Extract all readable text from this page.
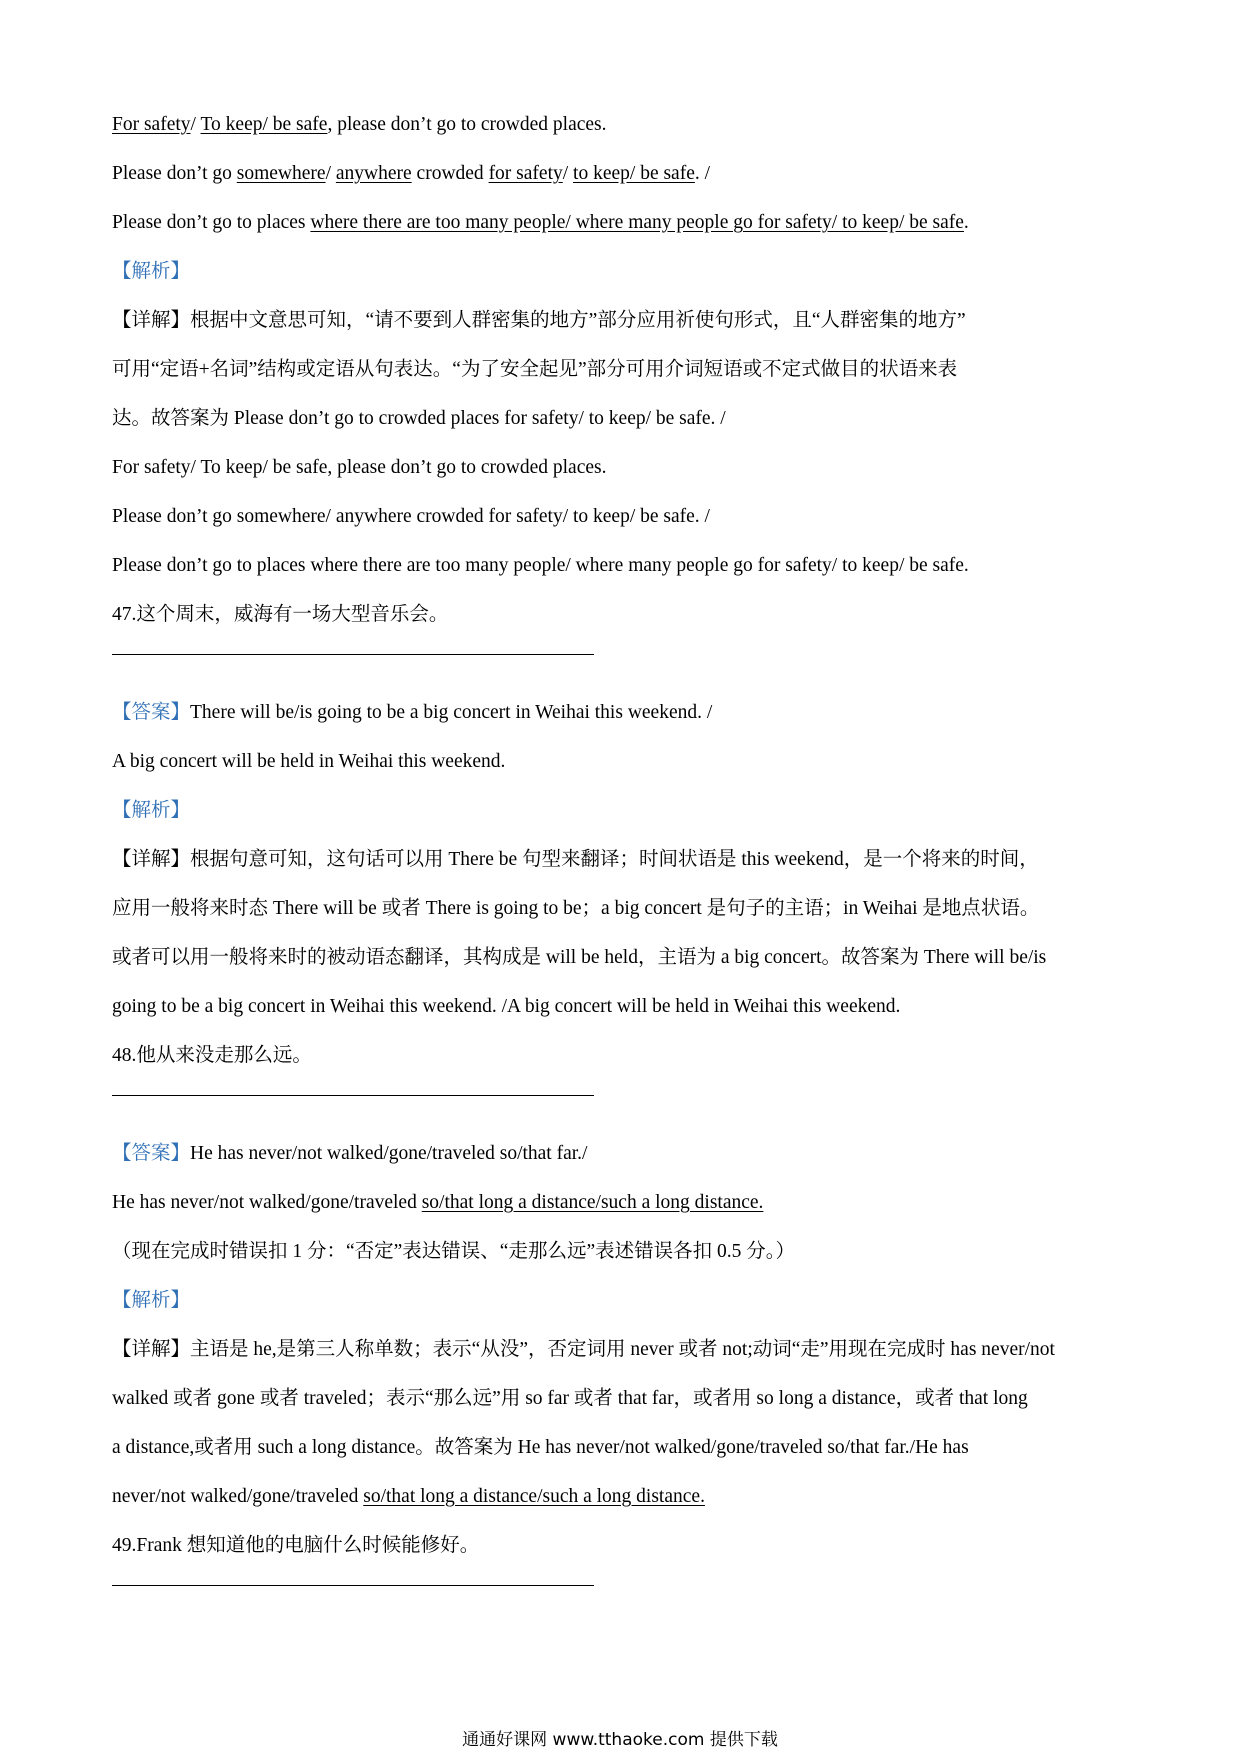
For safety/ To keep/ be safe, please don’t go to crowded places.
Please don’t go somewhere/ anywhere crowded for safety/ to keep/ be safe. /
Please don’t go to places where there are too many people/ where many people go for safety/ to keep/ be safe.
【解析】
【详解】根据中文意思可知，“请不要到人群密集的地方”部分应用祈使句形式，且“人群密集的地方”
可用“定语+名词”结构或定语从句表达。“为了安全起见”部分可用介词短语或不定式做目的状语来表
达。故答案为 Please don’t go to crowded places for safety/ to keep/ be safe. /
For safety/ To keep/ be safe, please don’t go to crowded places.
Please don’t go somewhere/ anywhere crowded for safety/ to keep/ be safe. /
Please don’t go to places where there are too many people/ where many people go for safety/ to keep/ be safe.
47.这个周末，威海有一场大型音乐会。
【答案】There will be/is going to be a big concert in Weihai this weekend. /
A big concert will be held in Weihai this weekend.
【解析】
【详解】根据句意可知，这句话可以用 There be 句型来翻译；时间状语是 this weekend，是一个将来的时间，
应用一般将来时态 There will be 或者 There is going to be；a big concert 是句子的主语；in Weihai 是地点状语。
或者可以用一般将来时的被动语态翻译，其构成是 will be held，主语为 a big concert。故答案为 There will be/is
going to be a big concert in Weihai this weekend. /A big concert will be held in Weihai this weekend.
48.他从来没走那么远。
【答案】He has never/not walked/gone/traveled so/that far./
He has never/not walked/gone/traveled so/that long a distance/such a long distance.
（现在完成时错误扣 1 分：“否定”表达错误、“走那么远”表述错误各扣 0.5 分。）
【解析】
【详解】主语是 he,是第三人称单数；表示“从没”，否定词用 never 或者 not;动词“走”用现在完成时 has never/not
walked 或者 gone 或者 traveled；表示“那么远”用 so far 或者 that far，或者用 so long a distance，或者 that long
a distance,或者用 such a long distance。故答案为 He has never/not walked/gone/traveled so/that far./He has
never/not walked/gone/traveled so/that long a distance/such a long distance.
49.Frank 想知道他的电脑什么时候能修好。
通通好课网 www.tthaoke.com 提供下载
